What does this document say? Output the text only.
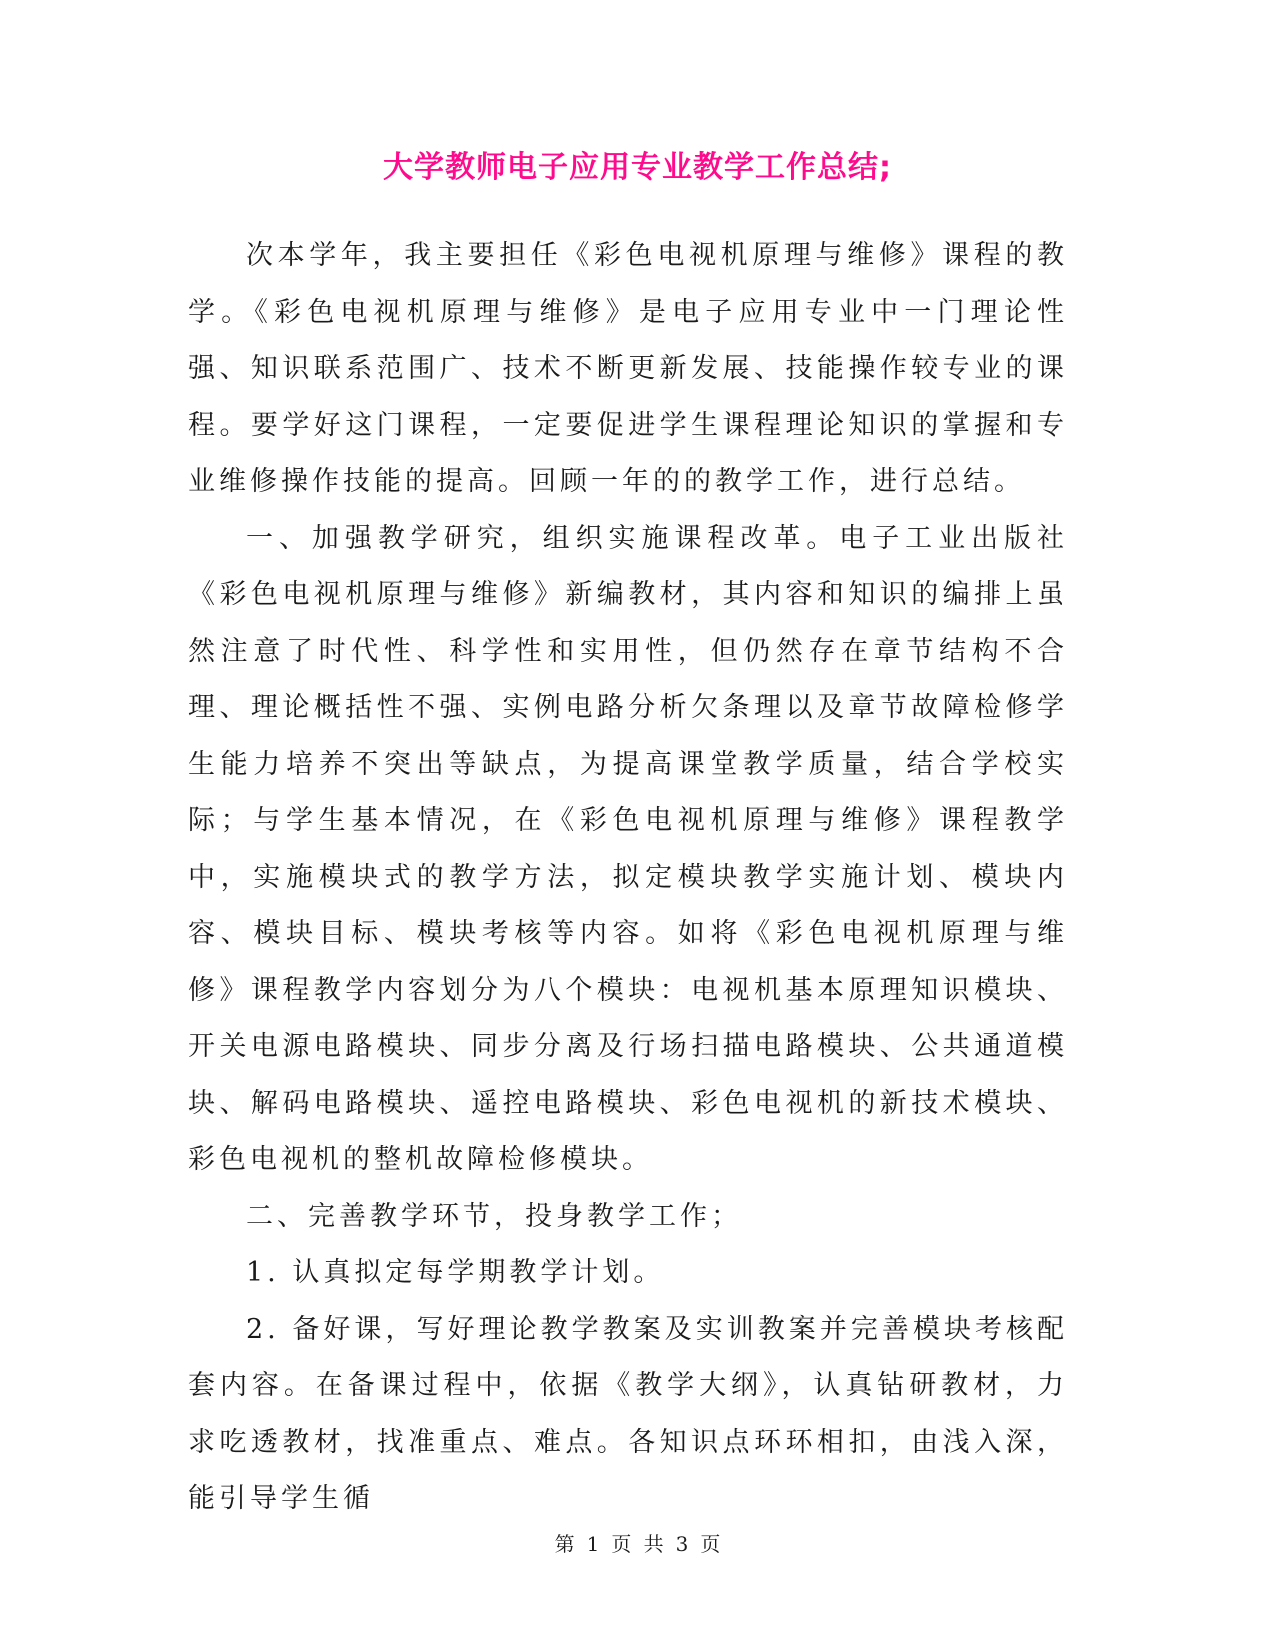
大学教师电子应用专业教学工作总结;

次本学年，我主要担任《彩色电视机原理与维修》课程的教学。《彩色电视机原理与维修》是电子应用专业中一门理论性强、知识联系范围广、技术不断更新发展、技能操作较专业的课程。要学好这门课程，一定要促进学生课程理论知识的掌握和专业维修操作技能的提高。回顾一年的的教学工作，进行总结。

一、加强教学研究，组织实施课程改革。电子工业出版社《彩色电视机原理与维修》新编教材，其内容和知识的编排上虽然注意了时代性、科学性和实用性，但仍然存在章节结构不合理、理论概括性不强、实例电路分析欠条理以及章节故障检修学生能力培养不突出等缺点，为提高课堂教学质量，结合学校实际；与学生基本情况，在《彩色电视机原理与维修》课程教学中，实施模块式的教学方法，拟定模块教学实施计划、模块内容、模块目标、模块考核等内容。如将《彩色电视机原理与维修》课程教学内容划分为八个模块：电视机基本原理知识模块、开关电源电路模块、同步分离及行场扫描电路模块、公共通道模块、解码电路模块、遥控电路模块、彩色电视机的新技术模块、彩色电视机的整机故障检修模块。

二、完善教学环节，投身教学工作；

1. 认真拟定每学期教学计划。

2. 备好课，写好理论教学教案及实训教案并完善模块考核配套内容。在备课过程中，依据《教学大纲》，认真钻研教材，力求吃透教材，找准重点、难点。各知识点环环相扣，由浅入深，能引导学生循

第 1 页 共 3 页
